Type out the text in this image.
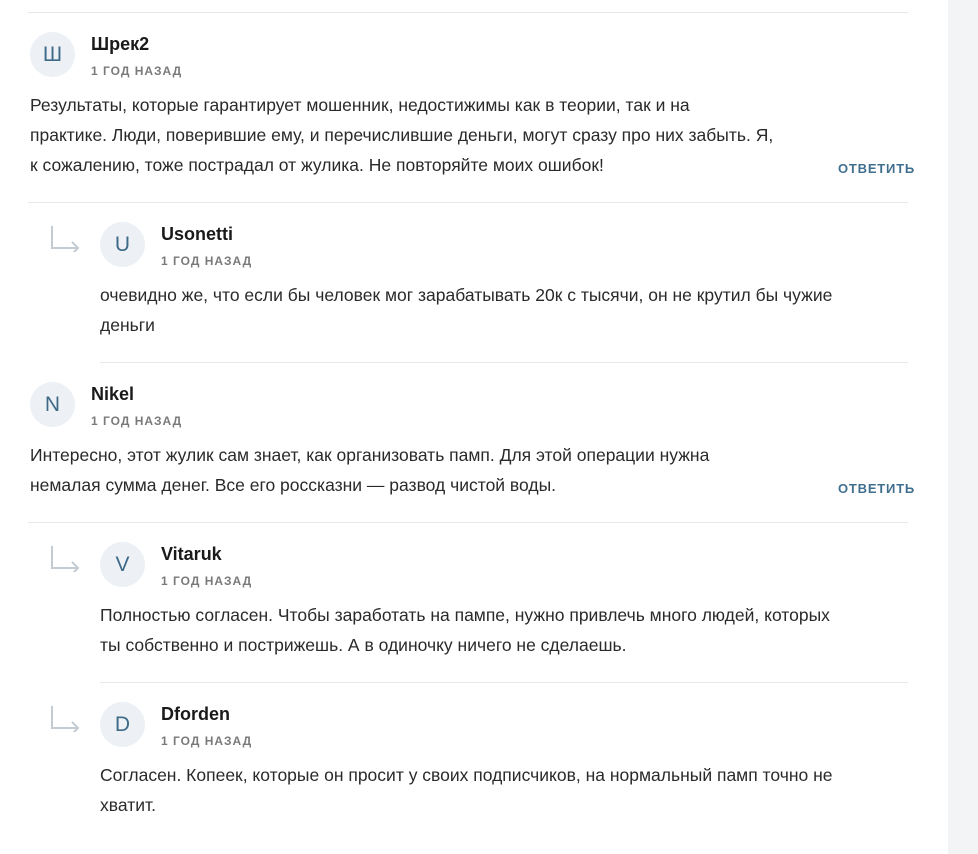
Ш	Шрек2
1 ГОД НАЗАД
Результаты, которые гарантирует мошенник, недостижимы как в теории, так и на
практике. Люди, поверившие ему, и перечислившие деньги, могут сразу про них забыть. Я,
к сожалению, тоже пострадал от жулика. Не повторяйте моих ошибок!	ОТВЕТИТЬ
U	Usonetti
1 ГОД НАЗАД
очевидно же, что если бы человек мог зарабатывать 20к с тысячи, он не крутил бы чужие
деньги
N	Nikel
1 ГОД НАЗАД
Интересно, этот жулик сам знает, как организовать памп. Для этой операции нужна
немалая сумма денег. Все его россказни — развод чистой воды.	ОТВЕТИТЬ
V	Vitaruk
1 ГОД НАЗАД
Полностью согласен. Чтобы заработать на пампе, нужно привлечь много людей, которых
ты собственно и пострижешь. А в одиночку ничего не сделаешь.
D	Dforden
1 ГОД НАЗАД
Согласен. Копеек, которые он просит у своих подписчиков, на нормальный памп точно не
хватит.
